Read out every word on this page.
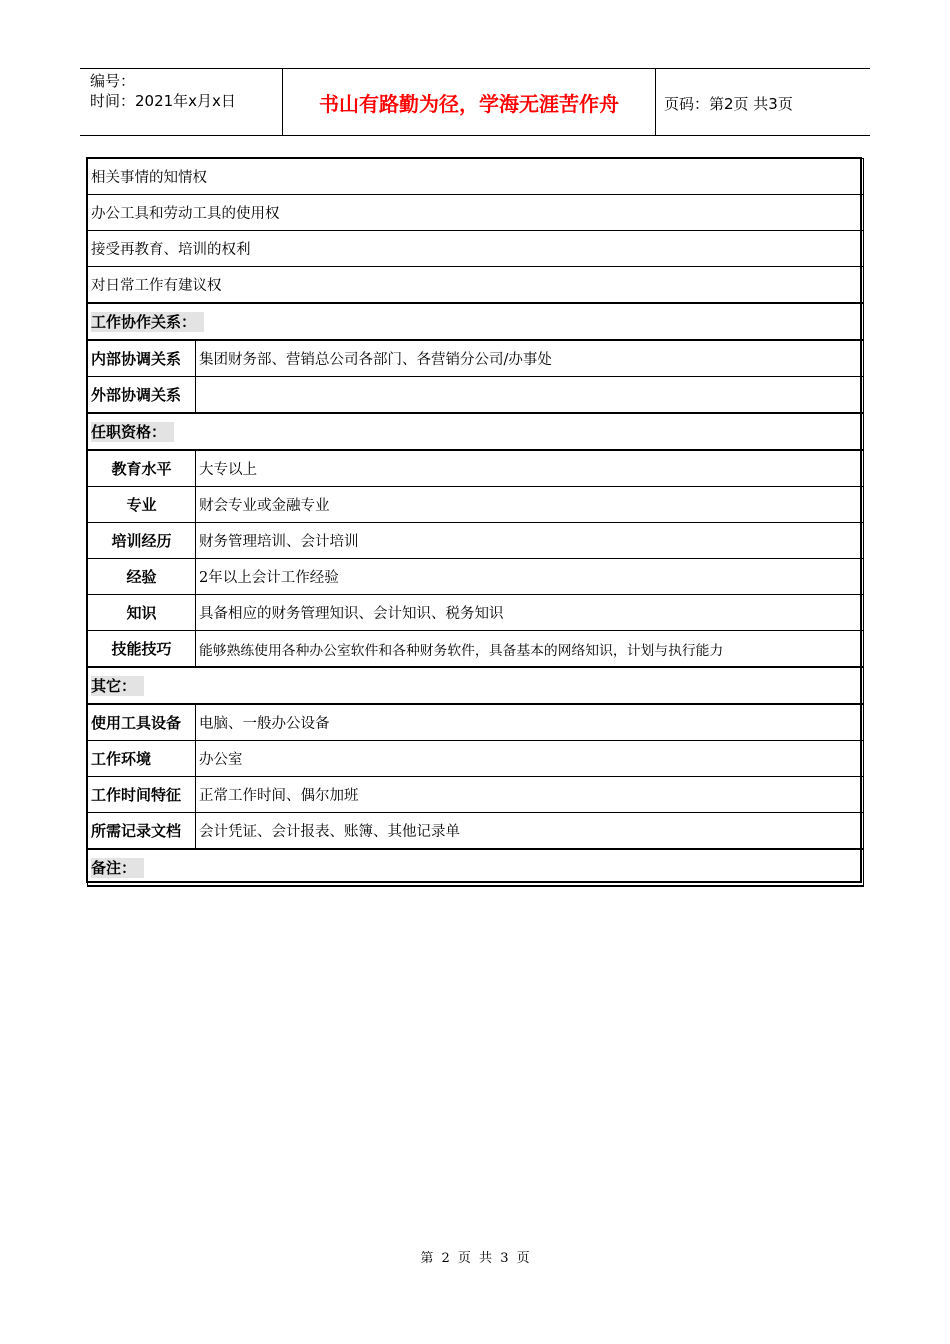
编号：
时间：2021年x月x日	书山有路勤为径，学海无涯苦作舟	页码：第2页 共3页
相关事情的知情权	
办公工具和劳动工具的使用权	
接受再教育、培训的权利	
对日常工作有建议权	
工作协作关系：	
内部协调关系	集团财务部、营销总公司各部门、各营销分公司/办事处
外部协调关系	
任职资格：	
教育水平	大专以上
专业	财会专业或金融专业
培训经历	财务管理培训、会计培训
经验	2年以上会计工作经验
知识	具备相应的财务管理知识、会计知识、税务知识
技能技巧	能够熟练使用各种办公室软件和各种财务软件，具备基本的网络知识，计划与执行能力
其它：	
使用工具设备	电脑、一般办公设备
工作环境	办公室
工作时间特征	正常工作时间、偶尔加班
所需记录文档	会计凭证、会计报表、账簿、其他记录单
备注：	
第 2 页 共 3 页
